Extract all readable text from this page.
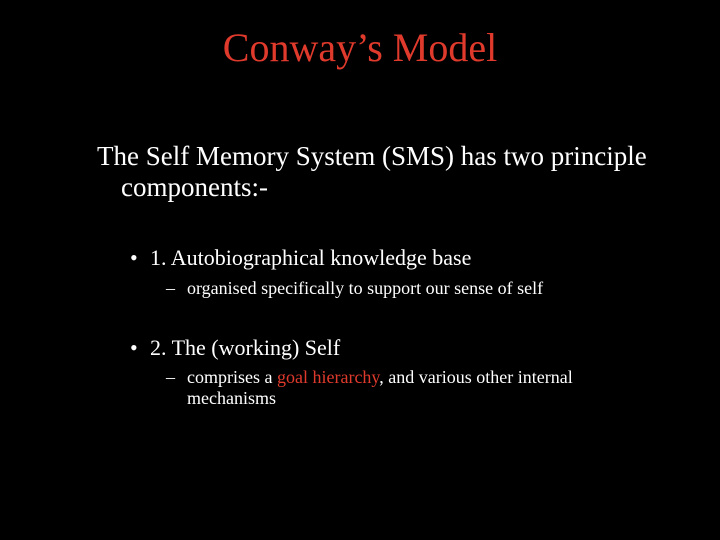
Conway’s Model
The Self Memory System (SMS) has two principle components:-
• 1. Autobiographical knowledge base
– organised specifically to support our sense of self
• 2. The (working) Self
– comprises a goal hierarchy, and various other internal mechanisms
